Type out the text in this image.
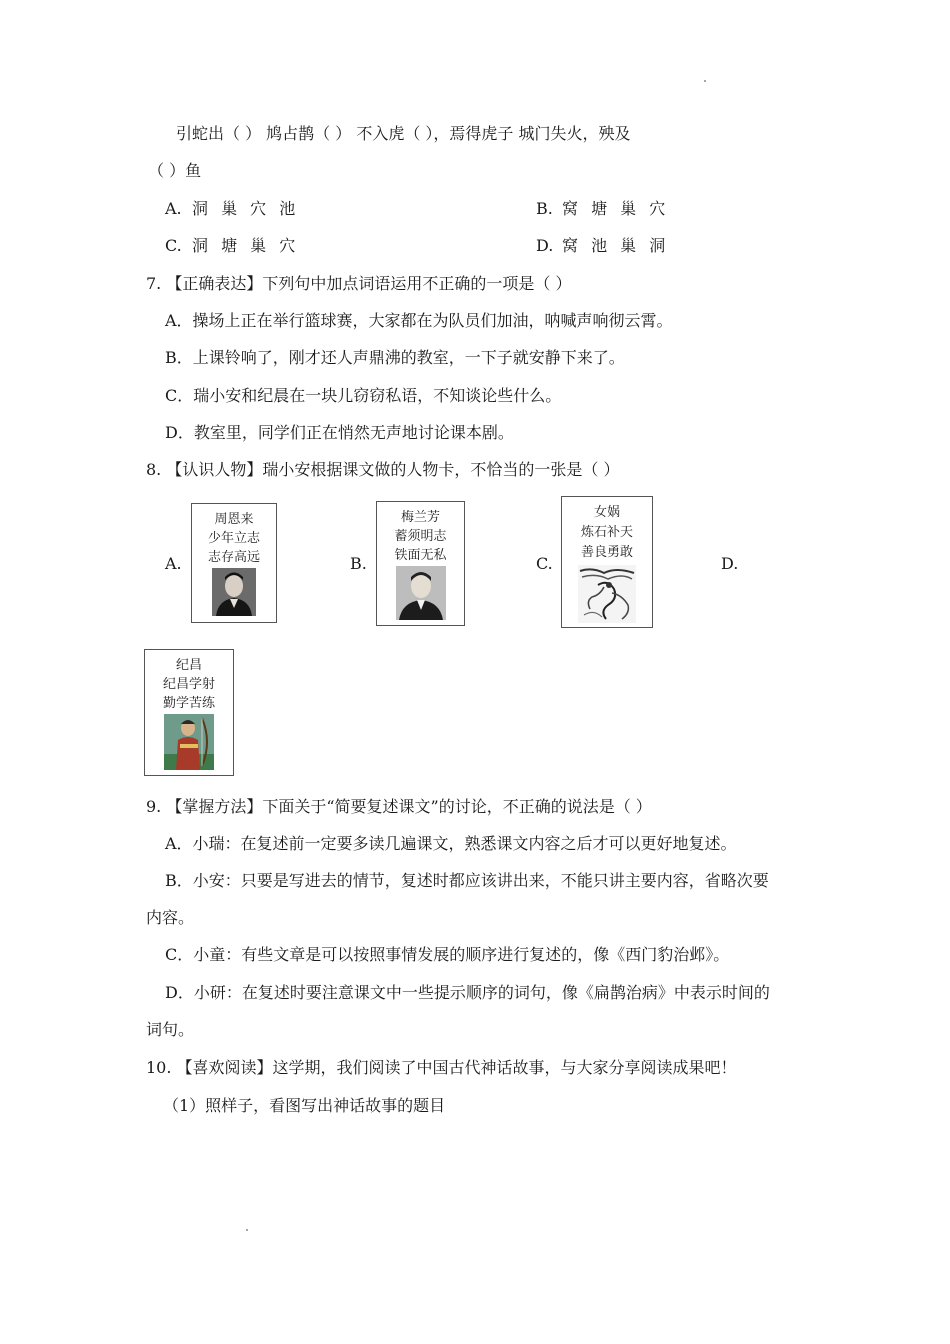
引蛇出（ ） 鸠占鹊（ ） 不入虎（ ），焉得虎子 城门失火，殃及
（ ）鱼
A. 洞 巢 穴 池	B. 窝 塘 巢 穴
C. 洞 塘 巢 穴	D. 窝 池 巢 洞
7. 【正确表达】下列句中加点词语运用不正确的一项是（ ）
A．操场上正在举行篮球赛，大家都在为队员们加油，呐喊声响彻云霄。
B．上课铃响了，刚才还人声鼎沸的教室，一下子就安静下来了。
C．瑞小安和纪晨在一块儿窃窃私语，不知谈论些什么。
D．教室里，同学们正在悄然无声地讨论课本剧。
8. 【认识人物】瑞小安根据课文做的人物卡，不恰当的一张是（ ）
A.
周恩来
少年立志
志存高远	B.
梅兰芳
蓄须明志
铁面无私	C.
女娲
炼石补天
善良勇敢
D.
纪昌
纪昌学射
勤学苦练
9. 【掌握方法】下面关于“简要复述课文”的讨论，不正确的说法是（ ）
A．小瑞：在复述前一定要多读几遍课文，熟悉课文内容之后才可以更好地复述。
B．小安：只要是写进去的情节，复述时都应该讲出来，不能只讲主要内容，省略次要
内容。
C．小童：有些文章是可以按照事情发展的顺序进行复述的，像《西门豹治邺》。
D．小研：在复述时要注意课文中一些提示顺序的词句，像《扁鹊治病》中表示时间的
词句。
10. 【喜欢阅读】这学期，我们阅读了中国古代神话故事，与大家分享阅读成果吧！
（1）照样子，看图写出神话故事的题目
